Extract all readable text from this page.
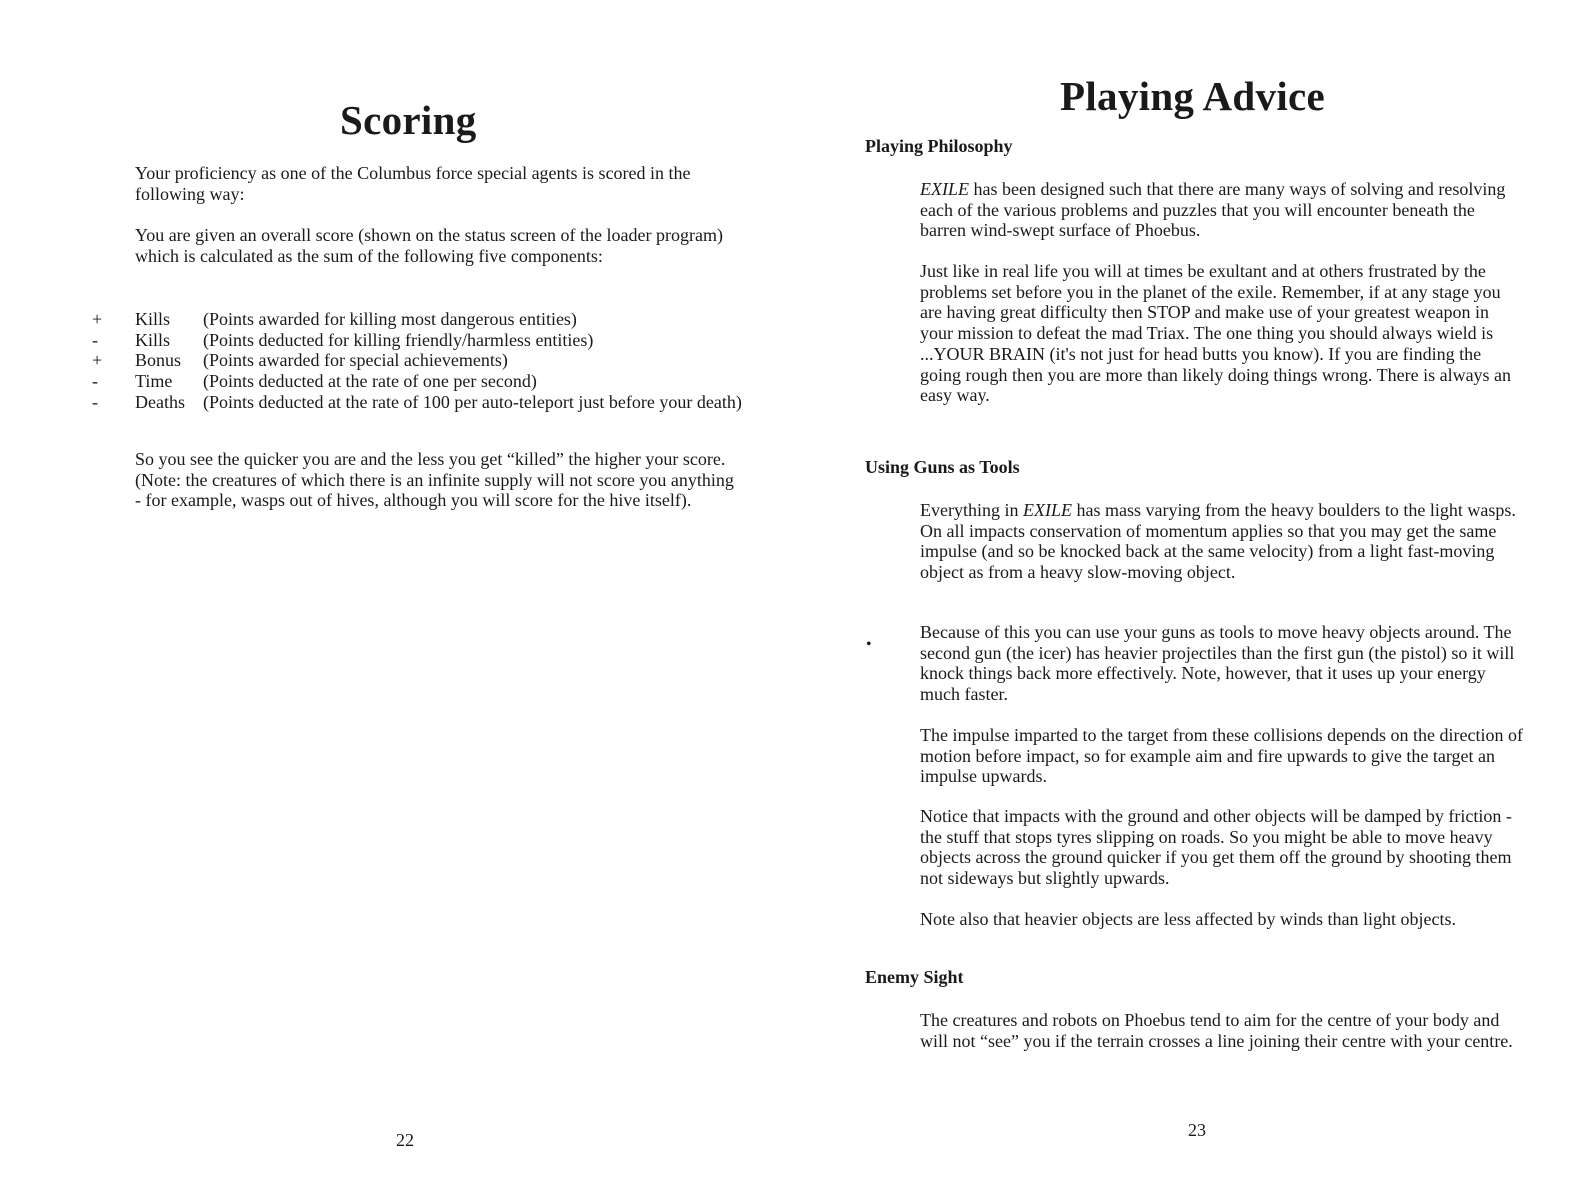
Scoring

Your proficiency as one of the Columbus force special agents is scored in the following way:

You are given an overall score (shown on the status screen of the loader program) which is calculated as the sum of the following five components:

+	Kills	(Points awarded for killing most dangerous entities)
-	Kills	(Points deducted for killing friendly/harmless entities)
+	Bonus	(Points awarded for special achievements)
-	Time	(Points deducted at the rate of one per second)
-	Deaths	(Points deducted at the rate of 100 per auto-teleport just before your death)

So you see the quicker you are and the less you get “killed” the higher your score. (Note: the creatures of which there is an infinite supply will not score you anything - for example, wasps out of hives, although you will score for the hive itself).

22

Playing Advice
Playing Philosophy

EXILE has been designed such that there are many ways of solving and resolving each of the various problems and puzzles that you will encounter beneath the barren wind-swept surface of Phoebus.

Just like in real life you will at times be exultant and at others frustrated by the problems set before you in the planet of the exile. Remember, if at any stage you are having great difficulty then STOP and make use of your greatest weapon in your mission to defeat the mad Triax. The one thing you should always wield is ...YOUR BRAIN (it's not just for head butts you know). If you are finding the going rough then you are more than likely doing things wrong. There is always an easy way.

Using Guns as Tools

Everything in EXILE has mass varying from the heavy boulders to the light wasps. On all impacts conservation of momentum applies so that you may get the same impulse (and so be knocked back at the same velocity) from a light fast-moving object as from a heavy slow-moving object.

•

Because of this you can use your guns as tools to move heavy objects around. The second gun (the icer) has heavier projectiles than the first gun (the pistol) so it will knock things back more effectively. Note, however, that it uses up your energy much faster.

The impulse imparted to the target from these collisions depends on the direction of motion before impact, so for example aim and fire upwards to give the target an impulse upwards.

Notice that impacts with the ground and other objects will be damped by friction - the stuff that stops tyres slipping on roads. So you might be able to move heavy objects across the ground quicker if you get them off the ground by shooting them not sideways but slightly upwards.

Note also that heavier objects are less affected by winds than light objects.

Enemy Sight

The creatures and robots on Phoebus tend to aim for the centre of your body and will not “see” you if the terrain crosses a line joining their centre with your centre.

23
